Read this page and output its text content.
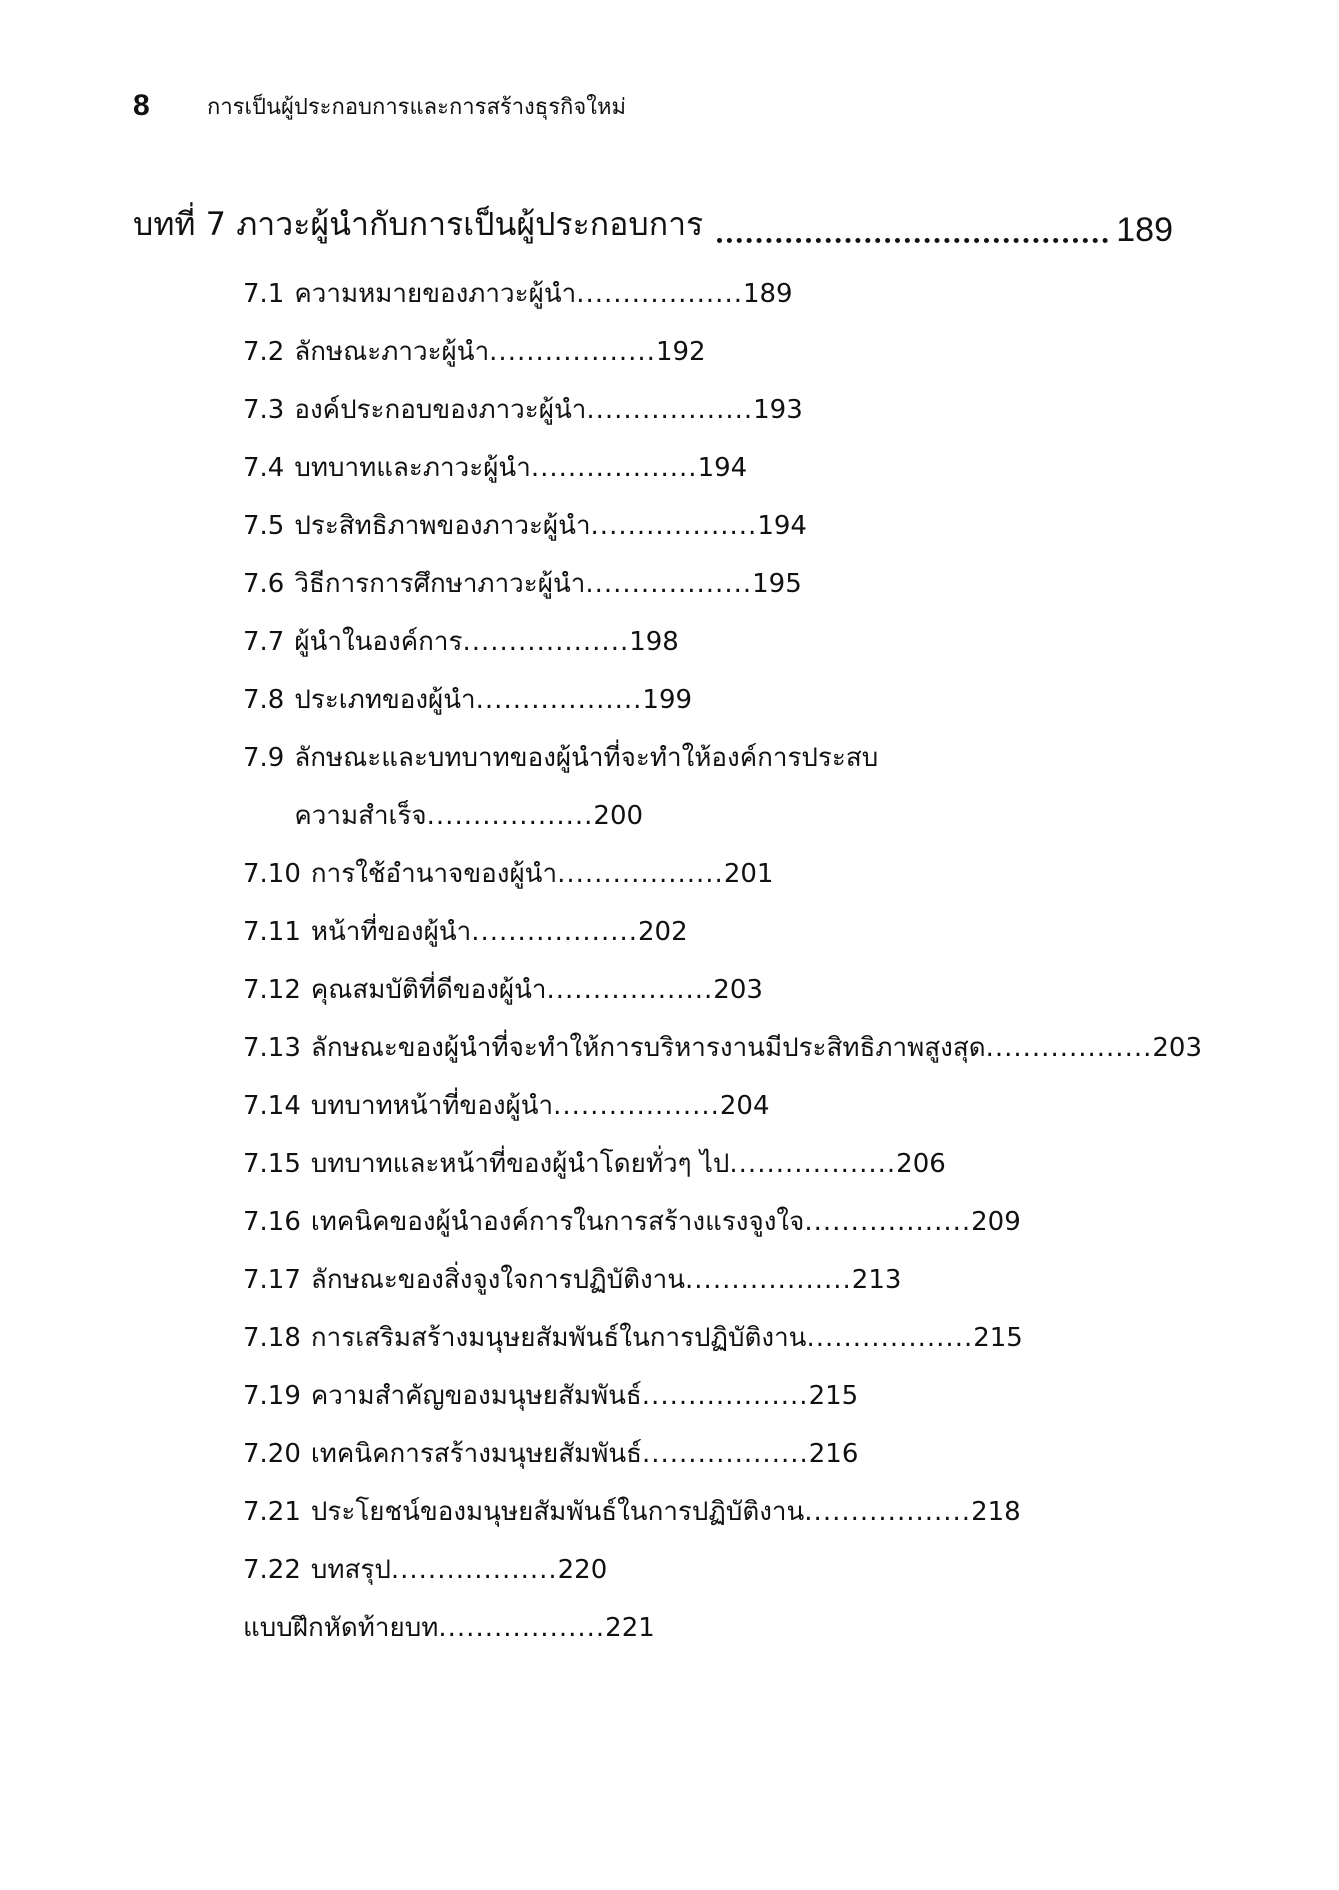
8	การเป็นผู้ประกอบการและการสร้างธุรกิจใหม่
บทที่ 7 ภาวะผู้นำกับการเป็นผู้ประกอบการ	189
7.1 ความหมายของภาวะผู้นำ..................189
7.2 ลักษณะภาวะผู้นำ..................192
7.3 องค์ประกอบของภาวะผู้นำ..................193
7.4 บทบาทและภาวะผู้นำ..................194
7.5 ประสิทธิภาพของภาวะผู้นำ..................194
7.6 วิธีการการศึกษาภาวะผู้นำ..................195
7.7 ผู้นำในองค์การ..................198
7.8 ประเภทของผู้นำ..................199
7.9 ลักษณะและบทบาทของผู้นำที่จะทำให้องค์การประสบความสำเร็จ..................200
7.10 การใช้อำนาจของผู้นำ..................201
7.11 หน้าที่ของผู้นำ..................202
7.12 คุณสมบัติที่ดีของผู้นำ..................203
7.13 ลักษณะของผู้นำที่จะทำให้การบริหารงานมีประสิทธิภาพสูงสุด..................203
7.14 บทบาทหน้าที่ของผู้นำ..................204
7.15 บทบาทและหน้าที่ของผู้นำโดยทั่วๆ ไป..................206
7.16 เทคนิคของผู้นำองค์การในการสร้างแรงจูงใจ..................209
7.17 ลักษณะของสิ่งจูงใจการปฏิบัติงาน..................213
7.18 การเสริมสร้างมนุษยสัมพันธ์ในการปฏิบัติงาน..................215
7.19 ความสำคัญของมนุษยสัมพันธ์..................215
7.20 เทคนิคการสร้างมนุษยสัมพันธ์..................216
7.21 ประโยชน์ของมนุษยสัมพันธ์ในการปฏิบัติงาน..................218
7.22 บทสรุป..................220
แบบฝึกหัดท้ายบท..................221
